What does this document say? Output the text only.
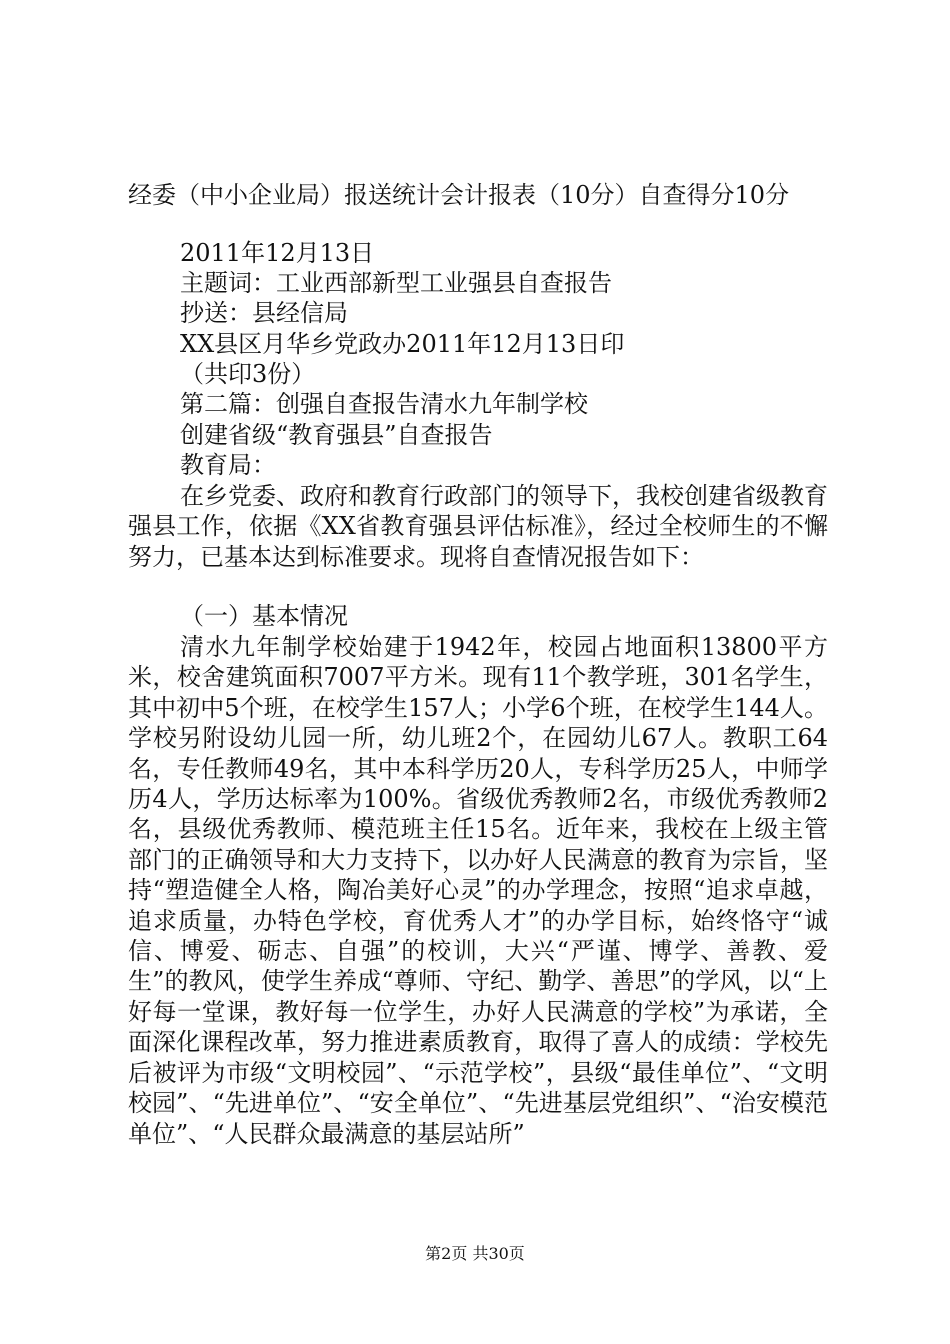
经委（中小企业局）报送统计会计报表（10分）自查得分10分
2011年12月13日
主题词：工业西部新型工业强县自查报告
抄送：县经信局
XX县区月华乡党政办2011年12月13日印
（共印3份）
第二篇：创强自查报告清水九年制学校
创建省级“教育强县”自查报告
教育局：
在乡党委、政府和教育行政部门的领导下，我校创建省级教育强县工作，依据《XX省教育强县评估标准》，经过全校师生的不懈努力，已基本达到标准要求。现将自查情况报告如下：
（一）基本情况
清水九年制学校始建于1942年，校园占地面积13800平方米，校舍建筑面积7007平方米。现有11个教学班，301名学生，其中初中5个班，在校学生157人；小学6个班，在校学生144人。学校另附设幼儿园一所，幼儿班2个，在园幼儿67人。教职工64名，专任教师49名，其中本科学历20人，专科学历25人，中师学历4人，学历达标率为100%。省级优秀教师2名，市级优秀教师2名，县级优秀教师、模范班主任15名。近年来，我校在上级主管部门的正确领导和大力支持下，以办好人民满意的教育为宗旨，坚持“塑造健全人格，陶冶美好心灵”的办学理念，按照“追求卓越，追求质量，办特色学校，育优秀人才”的办学目标，始终恪守“诚信、博爱、砺志、自强”的校训，大兴“严谨、博学、善教、爱生”的教风，使学生养成“尊师、守纪、勤学、善思”的学风，以“上好每一堂课，教好每一位学生，办好人民满意的学校”为承诺，全面深化课程改革，努力推进素质教育，取得了喜人的成绩：学校先后被评为市级“文明校园”、“示范学校”，县级“最佳单位”、“文明校园”、“先进单位”、“安全单位”、“先进基层党组织”、“治安模范单位”、“人民群众最满意的基层站所”
第2页 共30页
